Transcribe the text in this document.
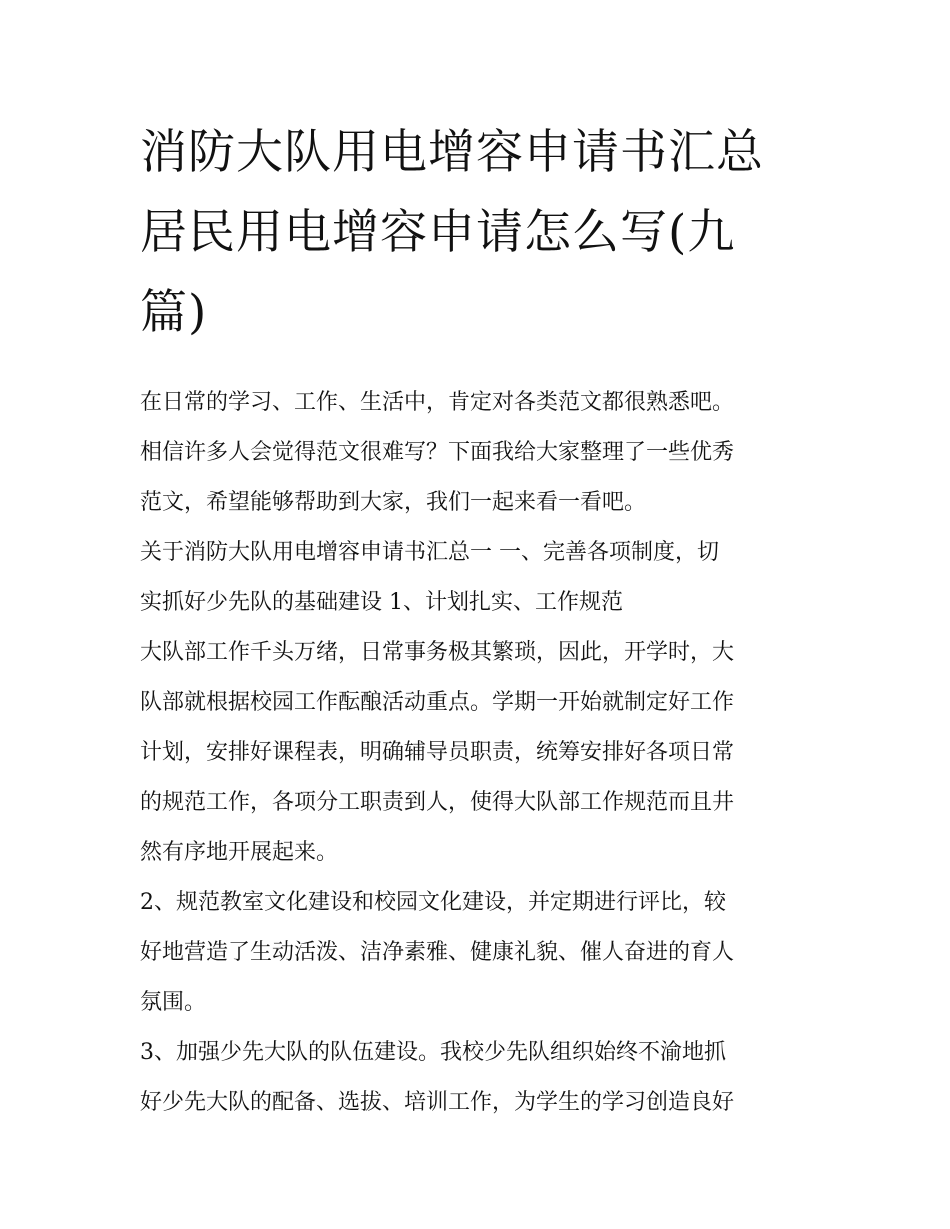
消防大队用电增容申请书汇总
居民用电增容申请怎么写(九
篇)

在日常的学习、工作、生活中，肯定对各类范文都很熟悉吧。
相信许多人会觉得范文很难写？下面我给大家整理了一些优秀
范文，希望能够帮助到大家，我们一起来看一看吧。

关于消防大队用电增容申请书汇总一 一、完善各项制度，切
实抓好少先队的基础建设 1、计划扎实、工作规范

大队部工作千头万绪，日常事务极其繁琐，因此，开学时，大
队部就根据校园工作酝酿活动重点。学期一开始就制定好工作
计划，安排好课程表，明确辅导员职责，统筹安排好各项日常
的规范工作，各项分工职责到人，使得大队部工作规范而且井
然有序地开展起来。

2、规范教室文化建设和校园文化建设，并定期进行评比，较
好地营造了生动活泼、洁净素雅、健康礼貌、催人奋进的育人
氛围。

3、加强少先大队的队伍建设。我校少先队组织始终不渝地抓
好少先大队的配备、选拔、培训工作，为学生的学习创造良好
